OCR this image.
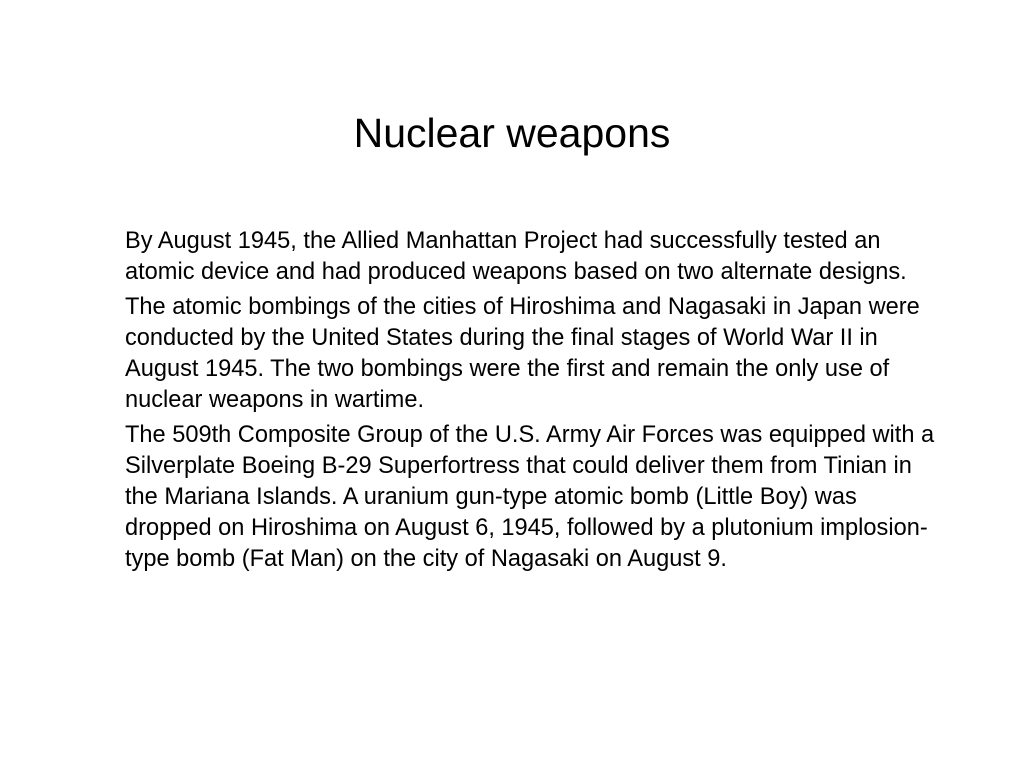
Nuclear weapons

By August 1945, the Allied Manhattan Project had successfully tested an atomic device and had produced weapons based on two alternate designs.

The atomic bombings of the cities of Hiroshima and Nagasaki in Japan were conducted by the United States during the final stages of World War II in August 1945. The two bombings were the first and remain the only use of nuclear weapons in wartime.

The 509th Composite Group of the U.S. Army Air Forces was equipped with a Silverplate Boeing B-29 Superfortress that could deliver them from Tinian in the Mariana Islands. A uranium gun-type atomic bomb (Little Boy) was dropped on Hiroshima on August 6, 1945, followed by a plutonium implosion-type bomb (Fat Man) on the city of Nagasaki on August 9.
